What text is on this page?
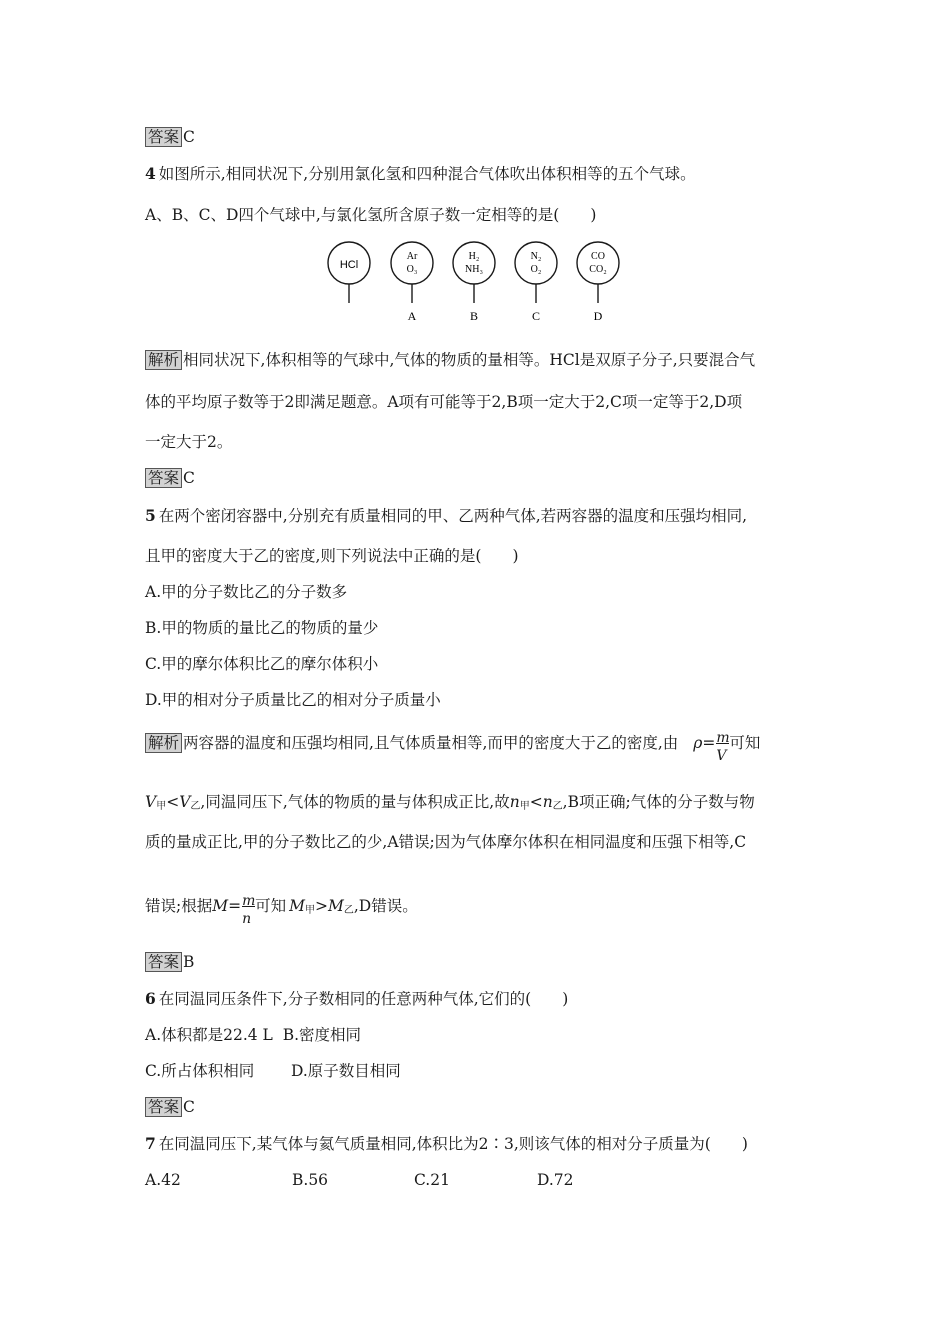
答案 C
4 如图所示,相同状况下,分别用氯化氢和四种混合气体吹出体积相等的五个气球。
A、B、C、D四个气球中,与氯化氢所含原子数一定相等的是(　　)
HCl
Ar
O₃
A
H₂
NH₃
B
N₂
O₂
C
CO
CO₂
D
解析 相同状况下,体积相等的气球中,气体的物质的量相等。HCl是双原子分子,只要混合气
体的平均原子数等于2即满足题意。A项有可能等于2,B项一定大于2,C项一定等于2,D项
一定大于2。
答案 C
5 在两个密闭容器中,分别充有质量相同的甲、乙两种气体,若两容器的温度和压强均相同,
且甲的密度大于乙的密度,则下列说法中正确的是(　　)
A.甲的分子数比乙的分子数多
B.甲的物质的量比乙的物质的量少
C.甲的摩尔体积比乙的摩尔体积小
D.甲的相对分子质量比乙的相对分子质量小
解析 两容器的温度和压强均相同,且气体质量相等,而甲的密度大于乙的密度,由 $\rho= \frac{m}{V}$ 可知
$V_甲<V_乙$,同温同压下,气体的物质的量与体积成正比,故$n_甲<n_乙,B$项正确;气体的分子数与物
质的量成正比,甲的分子数比乙的少,A错误;因为气体摩尔体积在相同温度和压强下相等,C
错误;根据$M= \frac{m}{n}$ 可知 $M_甲>M_乙,D$错误。
答案 B
6 在同温同压条件下,分子数相同的任意两种气体,它们的(　　)
A.体积都是22.4 L B.密度相同
C.所占体积相同 D.原子数目相同
答案 C
7 在同温同压下,某气体与氦气质量相同,体积比为2∶3,则该气体的相对分子质量为(　　)
A.42	B.56	C.21	D.72
